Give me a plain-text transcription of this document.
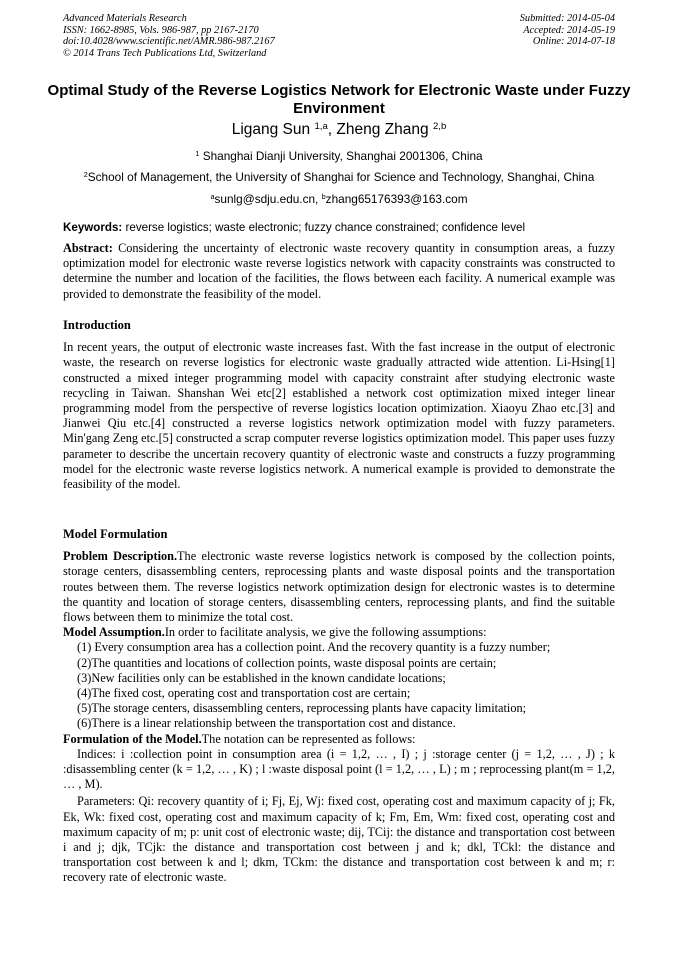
Advanced Materials Research
ISSN: 1662-8985, Vols. 986-987, pp 2167-2170
doi:10.4028/www.scientific.net/AMR.986-987.2167
© 2014 Trans Tech Publications Ltd, Switzerland
Submitted: 2014-05-04
Accepted: 2014-05-19
Online: 2014-07-18
Optimal Study of the Reverse Logistics Network for Electronic Waste under Fuzzy Environment
Ligang Sun $^{1,a}$, Zheng Zhang $^{2,b}$
$^1$ Shanghai Dianji University, Shanghai 2001306, China
$^2$School of Management, the University of Shanghai for Science and Technology, Shanghai, China
$^a$sunlg@sdju.edu.cn, $^b$zhang65176393@163.com
Keywords: reverse logistics; waste electronic; fuzzy chance constrained; confidence level

Abstract: Considering the uncertainty of electronic waste recovery quantity in consumption areas, a fuzzy optimization model for electronic waste reverse logistics network with capacity constraints was constructed to determine the number and location of the facilities, the flows between each facility. A numerical example was provided to demonstrate the feasibility of the model.

Introduction

In recent years, the output of electronic waste increases fast. With the fast increase in the output of electronic waste, the research on reverse logistics for electronic waste gradually attracted wide attention. Li-Hsing[1] constructed a mixed integer programming model with capacity constraint after studying electronic waste recycling in Taiwan. Shanshan Wei etc[2] established a network cost optimization mixed integer linear programming model from the perspective of reverse logistics location optimization. Xiaoyu Zhao etc.[3] and Jianwei Qiu etc.[4] constructed a reverse logistics network optimization model with fuzzy parameters. Min'gang Zeng etc.[5] constructed a scrap computer reverse logistics optimization model. This paper uses fuzzy parameter to describe the uncertain recovery quantity of electronic waste and constructs a fuzzy programming model for the electronic waste reverse logistics network. A numerical example is provided to demonstrate the feasibility of the model.

Model Formulation

Problem Description.The electronic waste reverse logistics network is composed by the collection points, storage centers, disassembling centers, reprocessing plants and waste disposal points and the transportation routes between them. The reverse logistics network optimization design for electronic wastes is to determine the quantity and location of storage centers, disassembling centers, reprocessing plants, and find the suitable flows between them to minimize the total cost.

Model Assumption.In order to facilitate analysis, we give the following assumptions:

(1) Every consumption area has a collection point. And the recovery quantity is a fuzzy number;
(2)The quantities and locations of collection points, waste disposal points are certain;
(3)New facilities only can be established in the known candidate locations;
(4)The fixed cost, operating cost and transportation cost are certain;
(5)The storage centers, disassembling centers, reprocessing plants have capacity limitation;
(6)There is a linear relationship between the transportation cost and distance.

Formulation of the Model.The notation can be represented as follows:

Indices: i :collection point in consumption area (i = 1,2, … , I) ; j :storage center (j = 1,2, … , J) ; k :disassembling center (k = 1,2, … , K) ; l :waste disposal point (l = 1,2, … , L) ; m ; reprocessing plant(m = 1,2, … , M).

Parameters: Qi: recovery quantity of i; Fj, Ej, Wj: fixed cost, operating cost and maximum capacity of j; Fk, Ek, Wk: fixed cost, operating cost and maximum capacity of k; Fm, Em, Wm: fixed cost, operating cost and maximum capacity of m; p: unit cost of electronic waste; dij, TCij: the distance and transportation cost between i and j; djk, TCjk: the distance and transportation cost between j and k; dkl, TCkl: the distance and transportation cost between k and l; dkm, TCkm: the distance and transportation cost between k and m; r: recovery rate of electronic waste.
